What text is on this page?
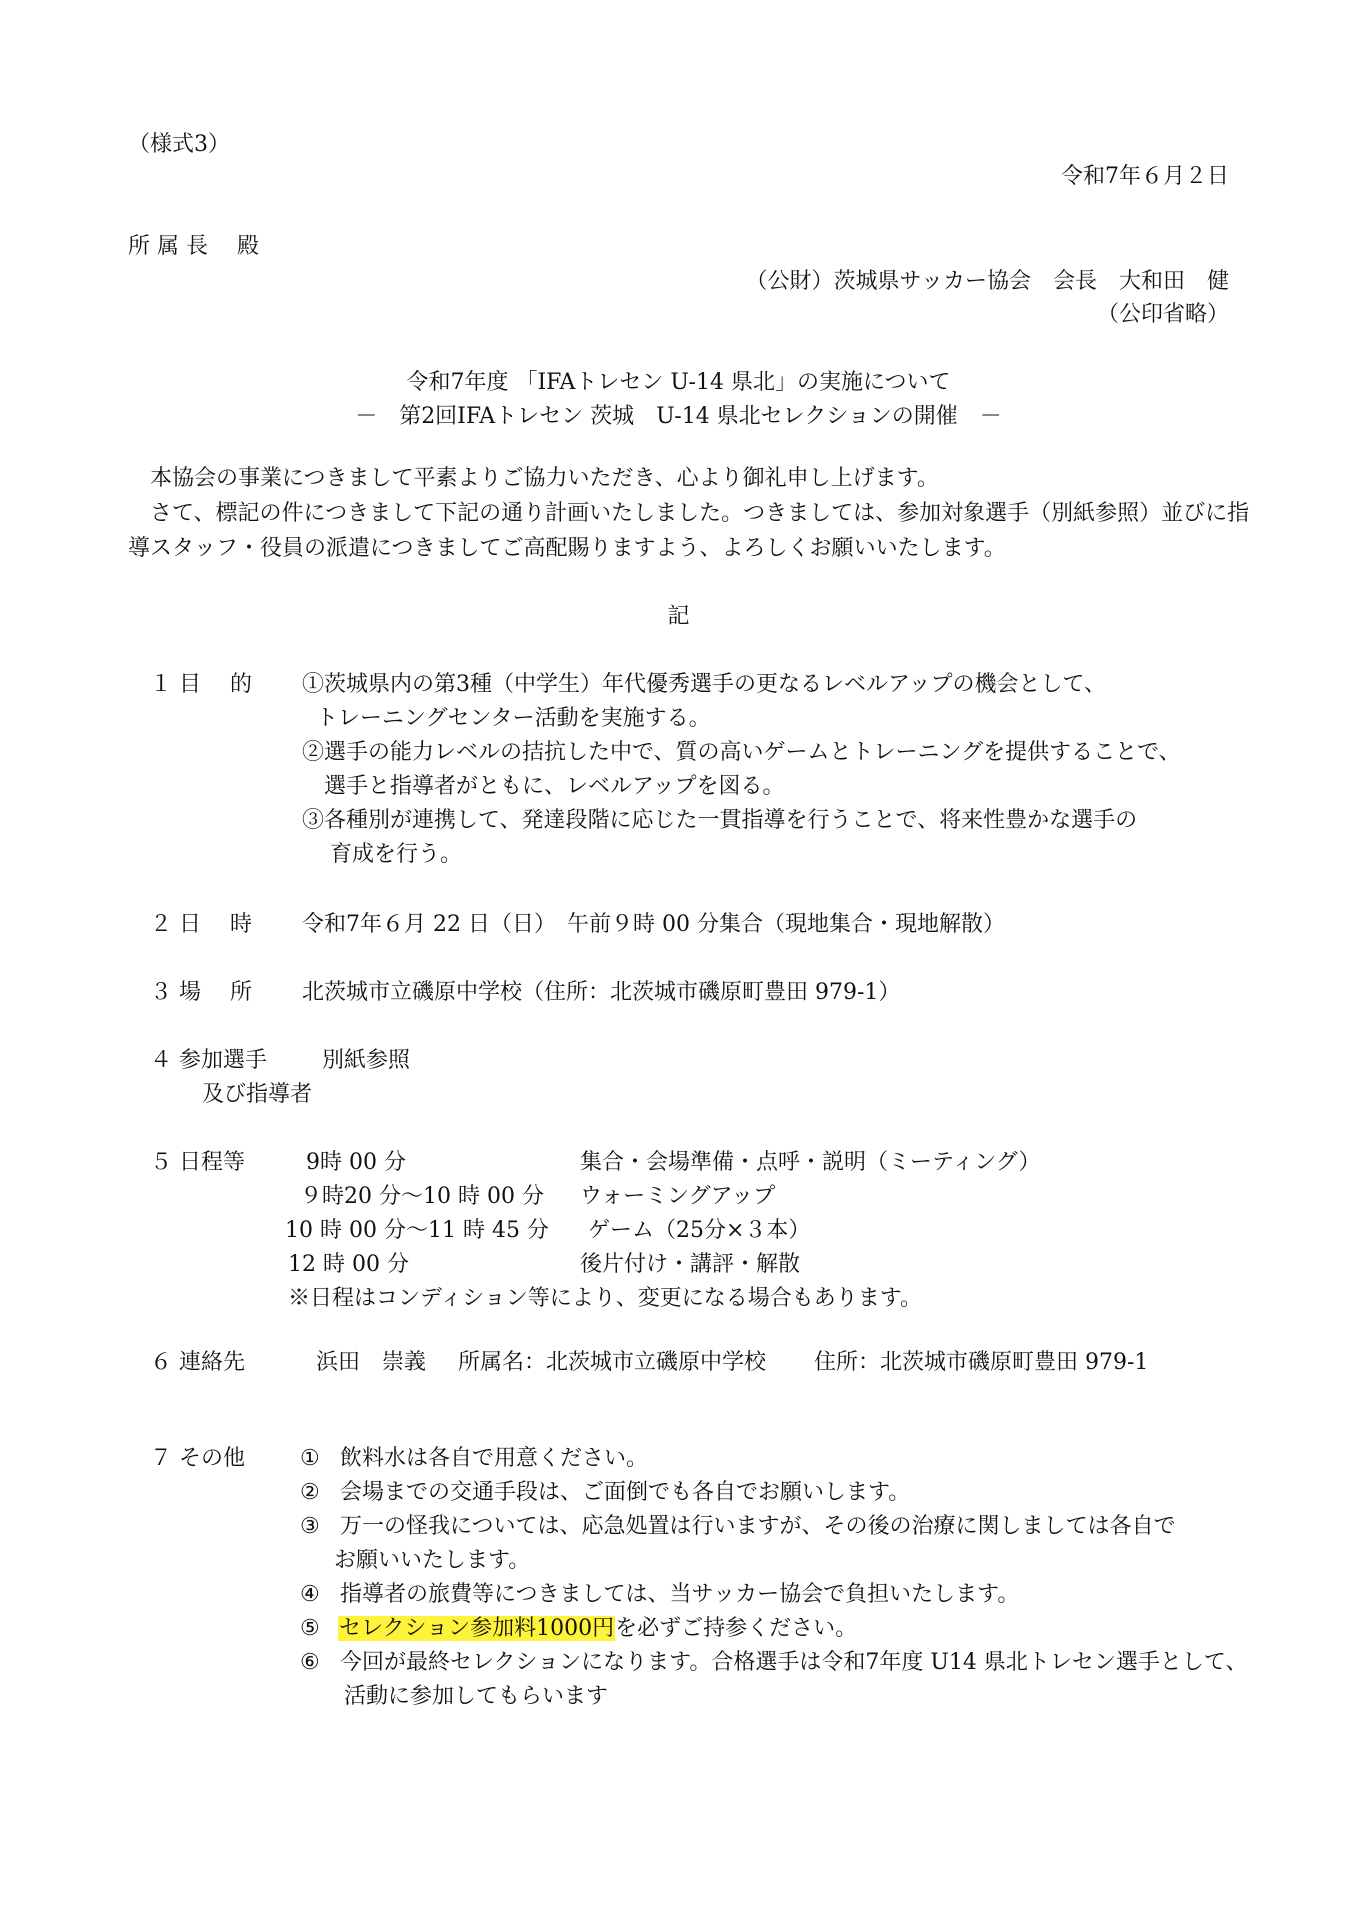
（様式3）
令和7年６月２日
所 属 長　 殿
（公財）茨城県サッカー協会　会長　大和田　健
（公印省略）
令和7年度 「IFAトレセン U-14 県北」の実施について
－　第2回IFAトレセン 茨城　U-14 県北セレクションの開催　－
本協会の事業につきまして平素よりご協力いただき、心より御礼申し上げます。
さて、標記の件につきまして下記の通り計画いたしました。つきましては、参加対象選手（別紙参照）並びに指
導スタッフ・役員の派遣につきましてご高配賜りますよう、よろしくお願いいたします。
記
１ 目　 的 ①茨城県内の第3種（中学生）年代優秀選手の更なるレベルアップの機会として、
トレーニングセンター活動を実施する。
②選手の能力レベルの拮抗した中で、質の高いゲームとトレーニングを提供することで、
選手と指導者がともに、レベルアップを図る。
③各種別が連携して、発達段階に応じた一貫指導を行うことで、将来性豊かな選手の
育成を行う。
２ 日　 時 令和7年６月 22 日（日）　午前９時 00 分集合（現地集合・現地解散）
３ 場　 所 北茨城市立磯原中学校（住所：北茨城市磯原町豊田 979-1）
４ 参加選手
及び指導者
別紙参照
５ 日程等	9時 00 分	集合・会場準備・点呼・説明（ミーティング）
９時20 分～10 時 00 分 ウォーミングアップ
10 時 00 分～11 時 45 分 ゲーム（25分×３本）
12 時 00 分	後片付け・講評・解散
※日程はコンディション等により、変更になる場合もあります。
６ 連絡先	浜田　崇義 所属名：北茨城市立磯原中学校 住所：北茨城市磯原町豊田 979-1
７ その他	① 飲料水は各自で用意ください。
② 会場までの交通手段は、ご面倒でも各自でお願いします。
③ 万一の怪我については、応急処置は行いますが、その後の治療に関しましては各自で
お願いいたします。
④ 指導者の旅費等につきましては、当サッカー協会で負担いたします。
⑤ セレクション参加料1000円を必ずご持参ください。
⑥ 今回が最終セレクションになります。合格選手は令和7年度 U14 県北トレセン選手として、
活動に参加してもらいます
